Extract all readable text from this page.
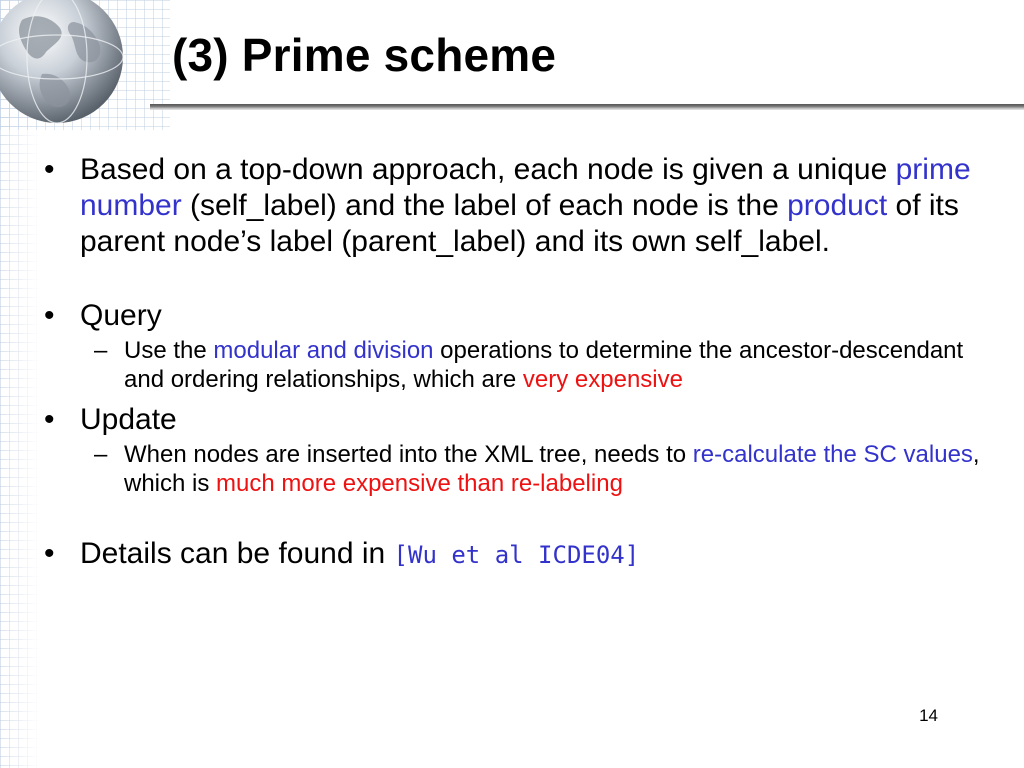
(3) Prime scheme
• Based on a top-down approach, each node is given a unique prime number (self_label) and the label of each node is the product of its parent node’s label (parent_label) and its own self_label.
• Query
– Use the modular and division operations to determine the ancestor-descendant and ordering relationships, which are very expensive
• Update
– When nodes are inserted into the XML tree, needs to re-calculate the SC values, which is much more expensive than re-labeling
• Details can be found in [Wu et al ICDE04]
14
